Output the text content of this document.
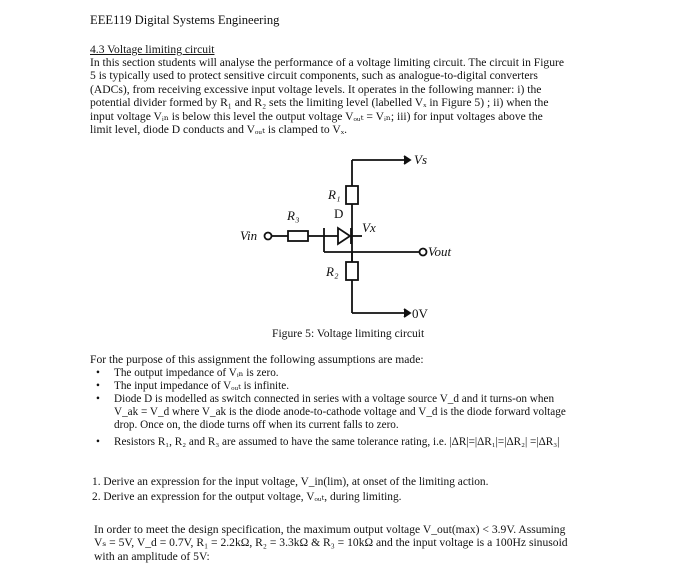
EEE119 Digital Systems Engineering
4.3 Voltage limiting circuit
In this section students will analyse the performance of a voltage limiting circuit. The circuit in Figure
5 is typically used to protect sensitive circuit components, such as analogue-to-digital converters
(ADCs), from receiving excessive input voltage levels. It operates in the following manner: i) the
potential divider formed by R₁ and R₂ sets the limiting level (labelled Vₓ in Figure 5) ; ii) when the
input voltage Vᵢₙ is below this level the output voltage Vₒᵤₜ = Vᵢₙ; iii) for input voltages above the
limit level, diode D conducts and Vₒᵤₜ is clamped to Vₓ.
Vs
R₁
R₃	D
Vx
Vin
Vout
R₂
0V
Figure 5: Voltage limiting circuit
For the purpose of this assignment the following assumptions are made:
• The output impedance of Vᵢₙ is zero.
• The input impedance of Vₒᵤₜ is infinite.
• Diode D is modelled as switch connected in series with a voltage source V_d and it turns-on when
V_ak = V_d where V_ak is the diode anode-to-cathode voltage and V_d is the diode forward voltage
drop. Once on, the diode turns off when its current falls to zero.
• Resistors R₁, R₂ and R₃ are assumed to have the same tolerance rating, i.e. |ΔR|=|ΔR₁|=|ΔR₂| =|ΔR₃|
1. Derive an expression for the input voltage, V_in(lim), at onset of the limiting action.
2. Derive an expression for the output voltage, Vₒᵤₜ, during limiting.
In order to meet the design specification, the maximum output voltage V_out(max) < 3.9V. Assuming
Vₛ = 5V, V_d = 0.7V, R₁ = 2.2kΩ, R₂ = 3.3kΩ & R₃ = 10kΩ and the input voltage is a 100Hz sinusoid
with an amplitude of 5V:
